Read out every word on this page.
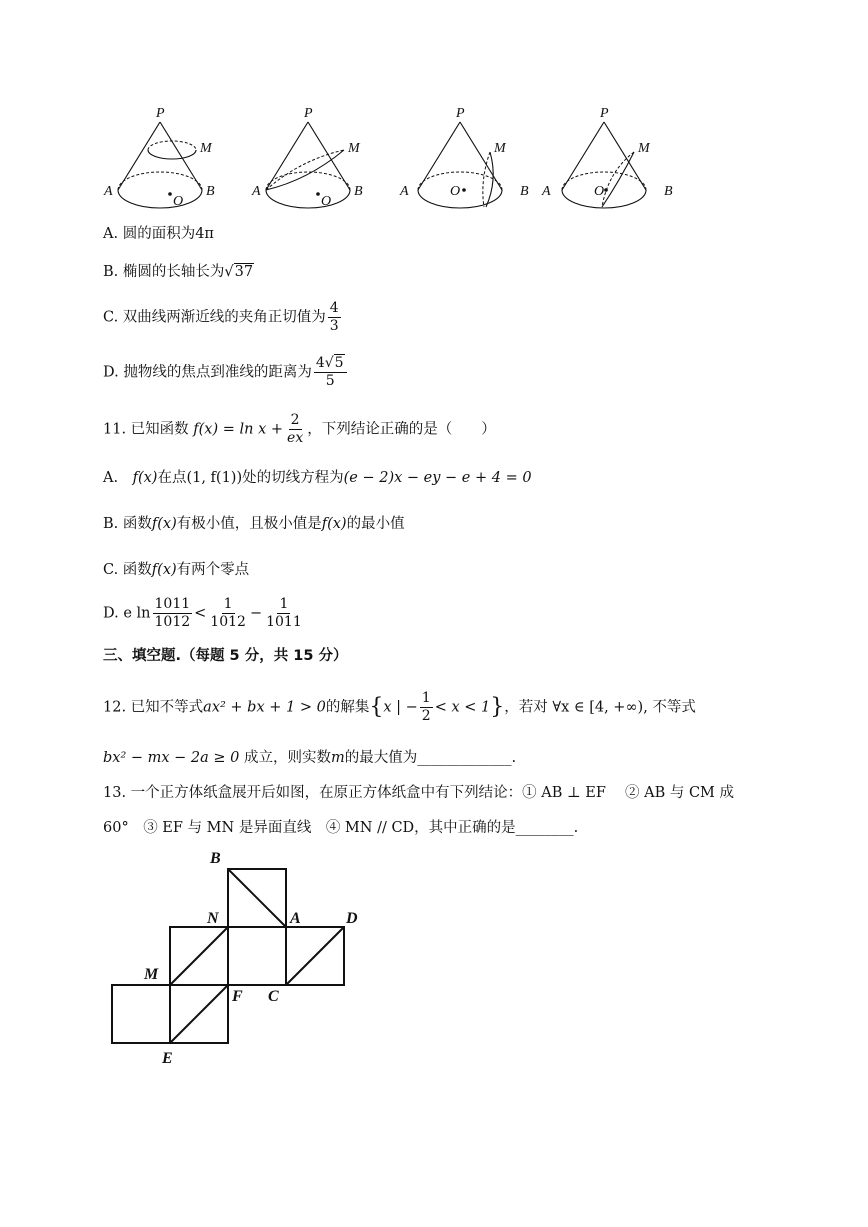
P
M
A	B
O
P
M
A	B
O
P
M
A	B
O
P
M
A	B
O
A. 圆的面积为4π
B. 椭圆的长轴长为√37
C. 双曲线两渐近线的夹角正切值为 $\frac{4}{3}$
D. 抛物线的焦点到准线的距离为 $\frac{4√5}{5}$
11. 已知函数 $f(x) = \ln x + \frac{2}{ex}$ ，下列结论正确的是（　　）
A.　 f(x)在点(1, f(1))处的切线方程为(e − 2)x − ey − e + 4 = 0
B. 函数f(x)有极小值，且极小值是f(x)的最小值
C. 函数f(x)有两个零点
D. e $\ln \frac{1011}{1012} < \frac{1}{1012} - \frac{1}{1011}$
三、填空题.（每题 5 分，共 15 分）
12. 已知不等式ax² + bx + 1 > 0的解集{x | − $\frac{1}{2} < x < 1$}，若对 ∀x ∈ [4, +∞), 不等式
bx² − mx − 2a ≥ 0 成立，则实数m的最大值为_____________.
13. 一个正方体纸盒展开后如图，在原正方体纸盒中有下列结论：① AB ⊥ EF　 ② AB 与 CM 成
60°　③ EF 与 MN 是异面直线　④ MN // CD，其中正确的是________.
B
N	A	D
M
F C
E
